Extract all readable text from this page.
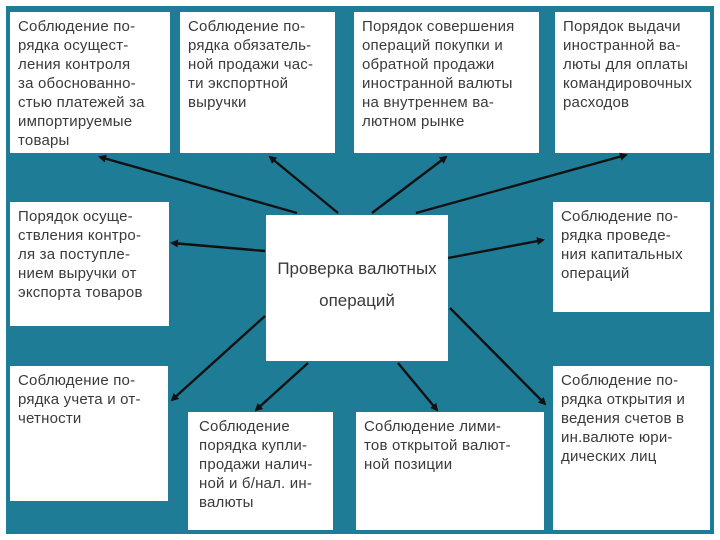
Соблюдение по-
рядка осущест-
ления контроля
за обоснованно-
стью платежей за
импортируемые
товары
Соблюдение по-
рядка обязатель-
ной продажи час-
ти экспортной
выручки
Порядок совершения
операций покупки и
обратной продажи
иностранной валюты
на внутреннем ва-
лютном рынке
Порядок выдачи
иностранной ва-
люты для оплаты
командировочных
расходов
Порядок осуще-
ствления контро-
ля за поступле-
нием выручки от
экспорта товаров
Проверка валютных
операций
Соблюдение по-
рядка проведе-
ния капитальных
операций
Соблюдение по-
рядка учета и от-
четности	Соблюдение
порядка купли-
продажи налич-
ной и б/нал. ин-
валюты
Соблюдение лими-
тов открытой валют-
ной позиции
Соблюдение по-
рядка открытия и
ведения счетов в
ин.валюте юри-
дических лиц
